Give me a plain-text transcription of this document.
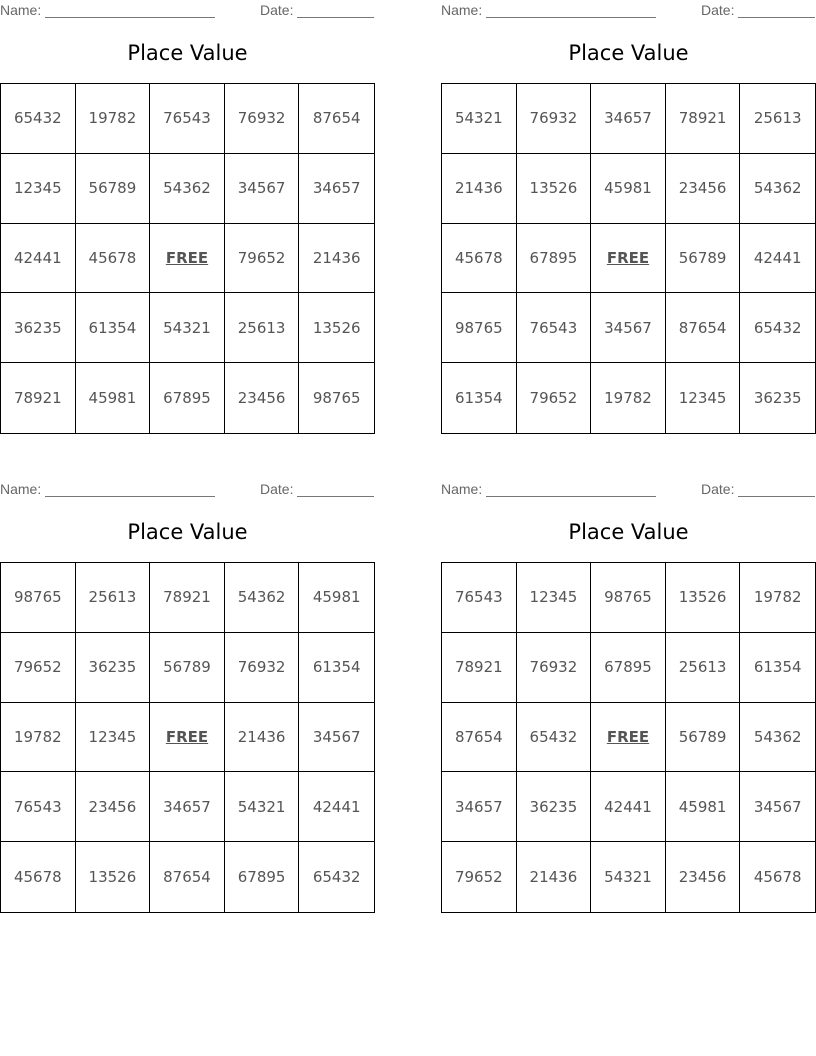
Name:	Date:
Place Value
65432	19782	76543	76932	87654
12345	56789	54362	34567	34657
42441	45678	FREE	79652	21436
36235	61354	54321	25613	13526
78921	45981	67895	23456	98765
Name:	Date:
Place Value
54321	76932	34657	78921	25613
21436	13526	45981	23456	54362
45678	67895	FREE	56789	42441
98765	76543	34567	87654	65432
61354	79652	19782	12345	36235
Name:	Date:
Place Value
98765	25613	78921	54362	45981
79652	36235	56789	76932	61354
19782	12345	FREE	21436	34567
76543	23456	34657	54321	42441
45678	13526	87654	67895	65432
Name:	Date:
Place Value
76543	12345	98765	13526	19782
78921	76932	67895	25613	61354
87654	65432	FREE	56789	54362
34657	36235	42441	45981	34567
79652	21436	54321	23456	45678
